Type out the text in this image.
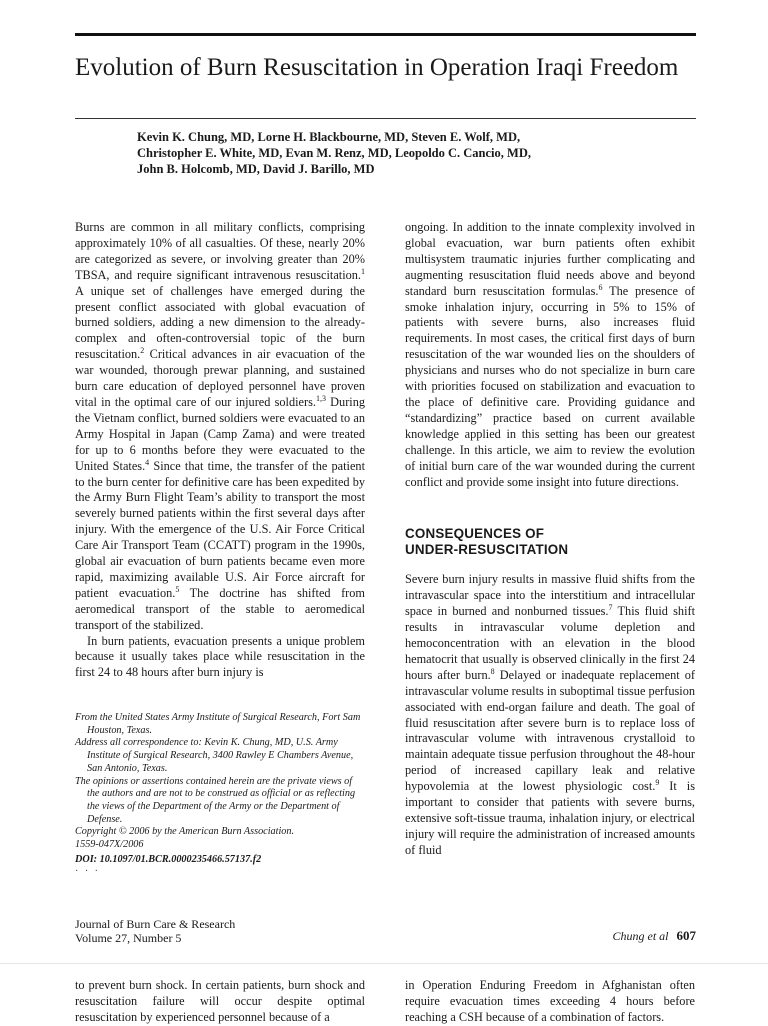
Evolution of Burn Resuscitation in Operation Iraqi Freedom
Kevin K. Chung, MD, Lorne H. Blackbourne, MD, Steven E. Wolf, MD,
Christopher E. White, MD, Evan M. Renz, MD, Leopoldo C. Cancio, MD,
John B. Holcomb, MD, David J. Barillo, MD

Burns are common in all military conflicts, comprising approximately 10% of all casualties. Of these, nearly 20% are categorized as severe, or involving greater than 20% TBSA, and require significant intravenous resuscitation.$^1$ A unique set of challenges have emerged during the present conflict associated with global evacuation of burned soldiers, adding a new dimension to the already-complex and often-controversial topic of the burn resuscitation.$^2$ Critical advances in air evacuation of the war wounded, thorough prewar planning, and sustained burn care education of deployed personnel have proven vital in the optimal care of our injured soldiers.$^{1,3}$ During the Vietnam conflict, burned soldiers were evacuated to an Army Hospital in Japan (Camp Zama) and were treated for up to 6 months before they were evacuated to the United States.$^4$ Since that time, the transfer of the patient to the burn center for definitive care has been expedited by the Army Burn Flight Team’s ability to transport the most severely burned patients within the first several days after injury. With the emergence of the U.S. Air Force Critical Care Air Transport Team (CCATT) program in the 1990s, global air evacuation of burn patients became even more rapid, maximizing available U.S. Air Force aircraft for patient evacuation.$^5$ The doctrine has shifted from aeromedical transport of the stable to aeromedical transport of the stabilized.

In burn patients, evacuation presents a unique problem because it usually takes place while resuscitation in the first 24 to 48 hours after burn injury is

ongoing. In addition to the innate complexity involved in global evacuation, war burn patients often exhibit multisystem traumatic injuries further complicating and augmenting resuscitation fluid needs above and beyond standard burn resuscitation formulas.$^6$ The presence of smoke inhalation injury, occurring in 5% to 15% of patients with severe burns, also increases fluid requirements. In most cases, the critical first days of burn resuscitation of the war wounded lies on the shoulders of physicians and nurses who do not specialize in burn care with priorities focused on stabilization and evacuation to the place of definitive care. Providing guidance and “standardizing” practice based on current available knowledge applied in this setting has been our greatest challenge. In this article, we aim to review the evolution of initial burn care of the war wounded during the current conflict and provide some insight into future directions.

CONSEQUENCES OF
UNDER-RESUSCITATION

Severe burn injury results in massive fluid shifts from the intravascular space into the interstitium and intracellular space in burned and nonburned tissues.$^7$ This fluid shift results in intravascular volume depletion and hemoconcentration with an elevation in the blood hematocrit that usually is observed clinically in the first 24 hours after burn.$^8$ Delayed or inadequate replacement of intravascular volume results in suboptimal tissue perfusion associated with end-organ failure and death. The goal of fluid resuscitation after severe burn is to replace loss of intravascular volume with intravenous crystalloid to maintain adequate tissue perfusion throughout the 48-hour period of increased capillary leak and relative hypovolemia at the lowest physiologic cost.$^9$ It is important to consider that patients with severe burns, extensive soft-tissue trauma, inhalation injury, or electrical injury will require the administration of increased amounts of fluid

From the United States Army Institute of Surgical Research, Fort Sam Houston, Texas.

Address all correspondence to: Kevin K. Chung, MD, U.S. Army Institute of Surgical Research, 3400 Rawley E Chambers Avenue, San Antonio, Texas.

The opinions or assertions contained herein are the private views of the authors and are not to be construed as official or as reflecting the views of the Department of the Army or the Department of Defense.

Copyright © 2006 by the American Burn Association.

1559-047X/2006

DOI: 10.1097/01.BCR.0000235466.57137.f2

· · ·
Journal of Burn Care & Research
Volume 27, Number 5	Chung et al 607
to prevent burn shock. In certain patients, burn shock and resuscitation failure will occur despite optimal resuscitation by experienced personnel because of a
in Operation Enduring Freedom in Afghanistan often require evacuation times exceeding 4 hours before reaching a CSH because of a combination of factors.
